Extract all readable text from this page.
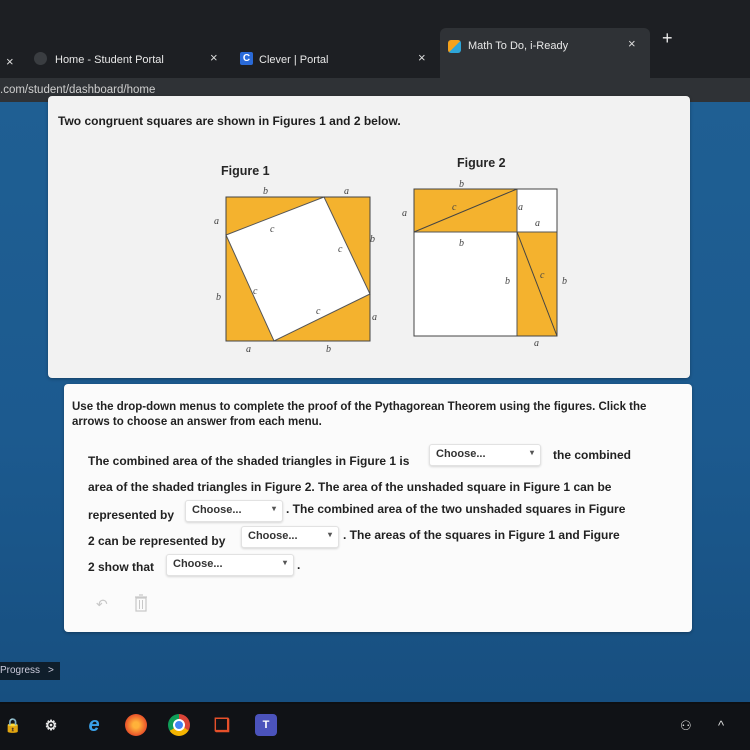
×	Home - Student Portal	×	C Clever | Portal	×
Math To Do, i-Ready	× +
.com/student/dashboard/home
Two congruent squares are shown in Figures 1 and 2 below.
Figure 1
Figure 2
b	a
a
b
b
a
a	b
c
c
c
c
b
a
c	a
a
b
b
c
b
a
Use the drop-down menus to complete the proof of the Pythagorean Theorem using the figures. Click the arrows to choose an answer from each menu.
The combined area of the shaded triangles in Figure 1 is Choose...	▾ the combined
area of the shaded triangles in Figure 2. The area of the unshaded square in Figure 1 can be
represented by Choose...	▾ . The combined area of the two unshaded squares in Figure
2 can be represented by Choose...	▾ . The areas of the squares in Figure 1 and Figure
2 show that Choose...	▾ .
↶
Progress >
🔒	⚙ e	❑	T	⚇ ^
